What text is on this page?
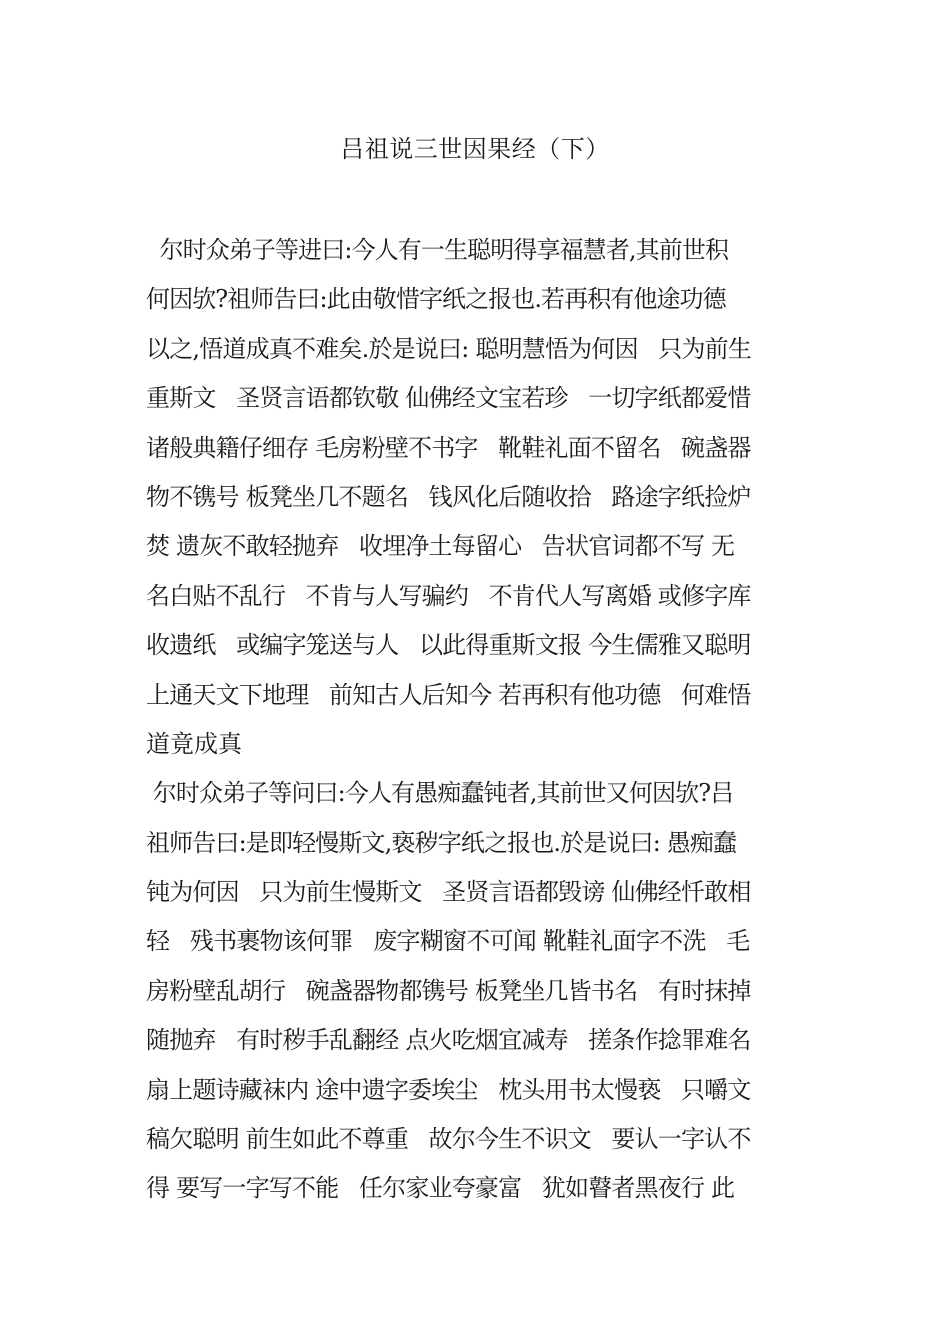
吕祖说三世因果经（下）
尔时众弟子等进曰:今人有一生聪明得享福慧者,其前世积
何因欤?祖师告曰:此由敬惜字纸之报也.若再积有他途功德
以之,悟道成真不难矣.於是说曰: 聪明慧悟为何因   只为前生
重斯文   圣贤言语都钦敬 仙佛经文宝若珍   一切字纸都爱惜
诸般典籍仔细存 毛房粉壁不书字   靴鞋礼面不留名   碗盏器
物不镌号 板凳坐几不题名   钱风化后随收拾   路途字纸捡炉
焚 遗灰不敢轻抛弃   收埋净土每留心   告状官词都不写 无
名白贴不乱行   不肯与人写骗约   不肯代人写离婚 或修字库
收遗纸   或编字笼送与人   以此得重斯文报 今生儒雅又聪明
上通天文下地理   前知古人后知今 若再积有他功德   何难悟
道竟成真
尔时众弟子等问曰:今人有愚痴蠢钝者,其前世又何因欤?吕
祖师告曰:是即轻慢斯文,亵秽字纸之报也.於是说曰: 愚痴蠢
钝为何因   只为前生慢斯文   圣贤言语都毁谤 仙佛经忏敢相
轻   残书裹物该何罪   废字糊窗不可闻 靴鞋礼面字不洗   毛
房粉壁乱胡行   碗盏器物都镌号 板凳坐几皆书名   有时抹掉
随抛弃   有时秽手乱翻经 点火吃烟宜减寿   搓条作捻罪难名
扇上题诗藏袜内 途中遗字委埃尘   枕头用书太慢亵   只嚼文
稿欠聪明 前生如此不尊重   故尔今生不识文   要认一字认不
得 要写一字写不能   任尔家业夸豪富   犹如瞽者黑夜行 此
